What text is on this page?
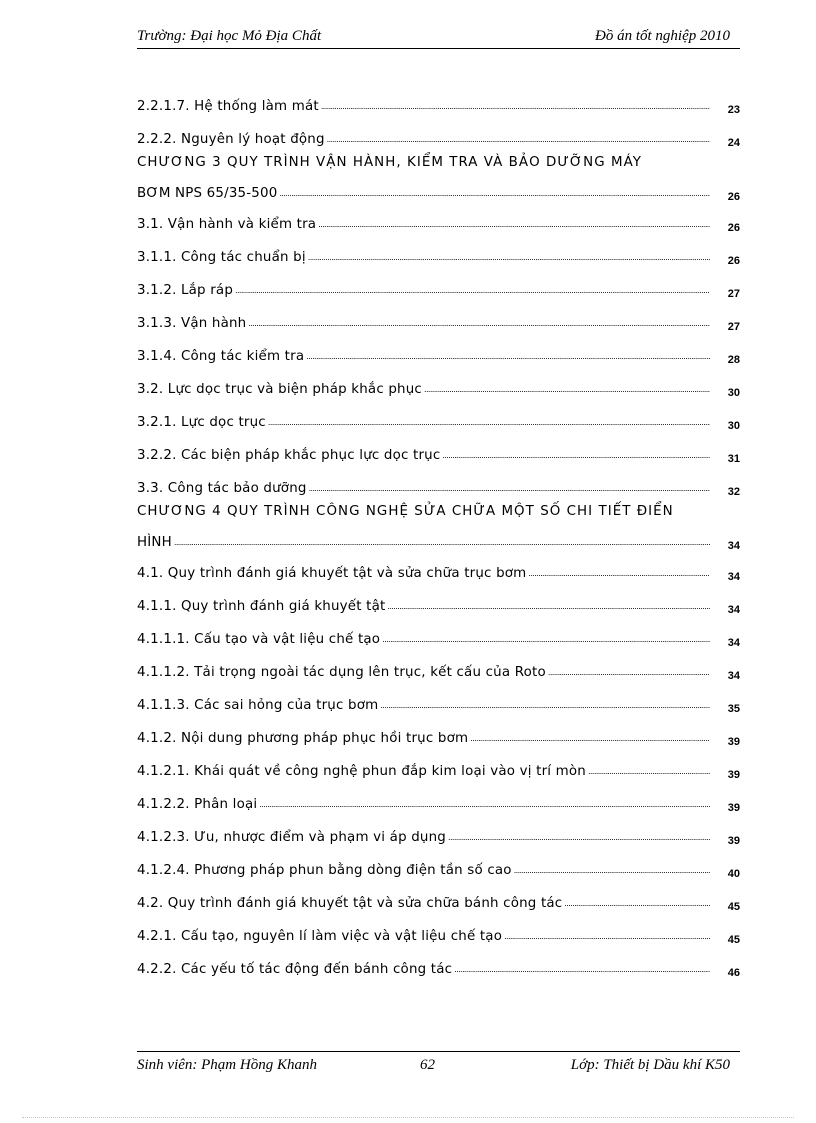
Trường: Đại học Mỏ Địa Chất	Đồ án tốt nghiệp 2010
2.2.1.7. Hệ thống làm mát .....	23
2.2.2. Nguyên lý hoạt động .....	24
CHƯƠNG 3 QUY TRÌNH VẬN HÀNH, KIỂM TRA VÀ BẢO DƯỠNG MÁY
BƠM NPS 65/35-500 .....	26
3.1. Vận hành và kiểm tra .....	26
3.1.1. Công tác chuẩn bị .....	26
3.1.2. Lắp ráp .....	27
3.1.3. Vận hành .....	27
3.1.4. Công tác kiểm tra .....	28
3.2. Lực dọc trục và biện pháp khắc phục .....	30
3.2.1. Lực dọc trục .....	30
3.2.2. Các biện pháp khắc phục lực dọc trục .....	31
3.3. Công tác bảo dưỡng .....	32
CHƯƠNG 4 QUY TRÌNH CÔNG NGHỆ SỬA CHỮA MỘT SỐ CHI TIẾT ĐIỂN
HÌNH .....	34
4.1. Quy trình đánh giá khuyết tật và sửa chữa trục bơm .....	34
4.1.1. Quy trình đánh giá khuyết tật .....	34
4.1.1.1. Cấu tạo và vật liệu chế tạo .....	34
4.1.1.2. Tải trọng ngoài tác dụng lên trục, kết cấu của Roto .....	34
4.1.1.3. Các sai hỏng của trục bơm .....	35
4.1.2. Nội dung phương pháp phục hồi trục bơm .....	39
4.1.2.1. Khái quát về công nghệ phun đắp kim loại vào vị trí mòn .....	39
4.1.2.2. Phân loại .....	39
4.1.2.3. Ưu, nhược điểm và phạm vi áp dụng .....	39
4.1.2.4. Phương pháp phun bằng dòng điện tần số cao .....	40
4.2. Quy trình đánh giá khuyết tật và sửa chữa bánh công tác .....	45
4.2.1. Cấu tạo, nguyên lí làm việc và vật liệu chế tạo .....	45
4.2.2. Các yếu tố tác động đến bánh công tác .....	46
Sinh viên: Phạm Hồng Khanh	62	Lớp: Thiết bị Dầu khí K50
